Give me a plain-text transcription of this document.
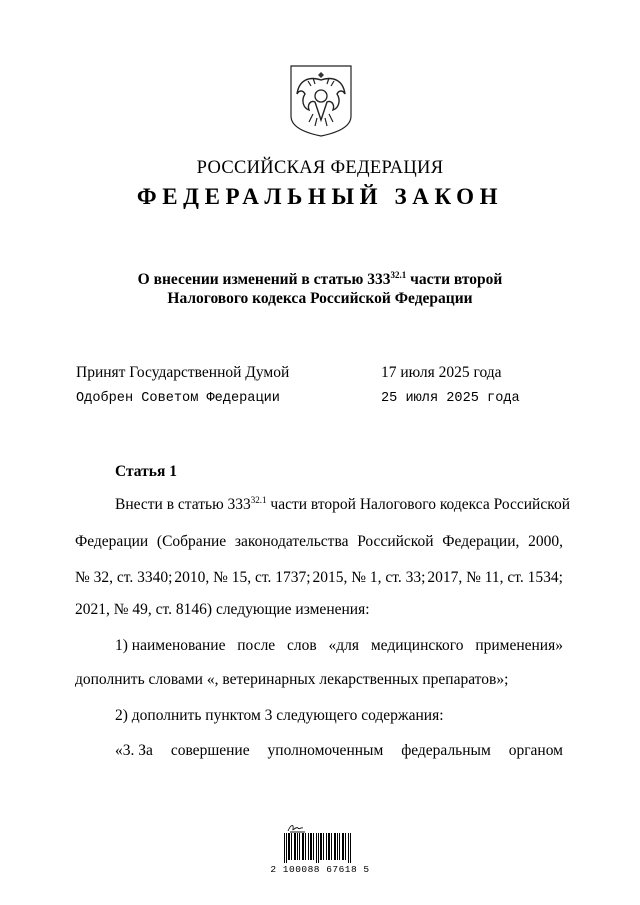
РОССИЙСКАЯ ФЕДЕРАЦИЯ
ФЕДЕРАЛЬНЫЙ ЗАКОН
О внесении изменений в статью $333^{32.1}$ части второй
Налогового кодекса Российской Федерации
Принят Государственной Думой	17 июля 2025 года
Одобрен Советом Федерации	25 июля 2025 года
Статья 1
Внести в статью $333^{32.1}$ части второй Налогового кодекса Российской
Федерации (Собрание законодательства Российской Федерации, 2000,
№ 32, ст. 3340; 2010, № 15, ст. 1737; 2015, № 1, ст. 33; 2017, № 11, ст. 1534;
2021, № 49, ст. 8146) следующие изменения:
1) наименование после слов «для медицинского применения»
дополнить словами «, ветеринарных лекарственных препаратов»;
2) дополнить пунктом 3 следующего содержания:
«3. За совершение уполномоченным федеральным органом
2 100088 67618 5
